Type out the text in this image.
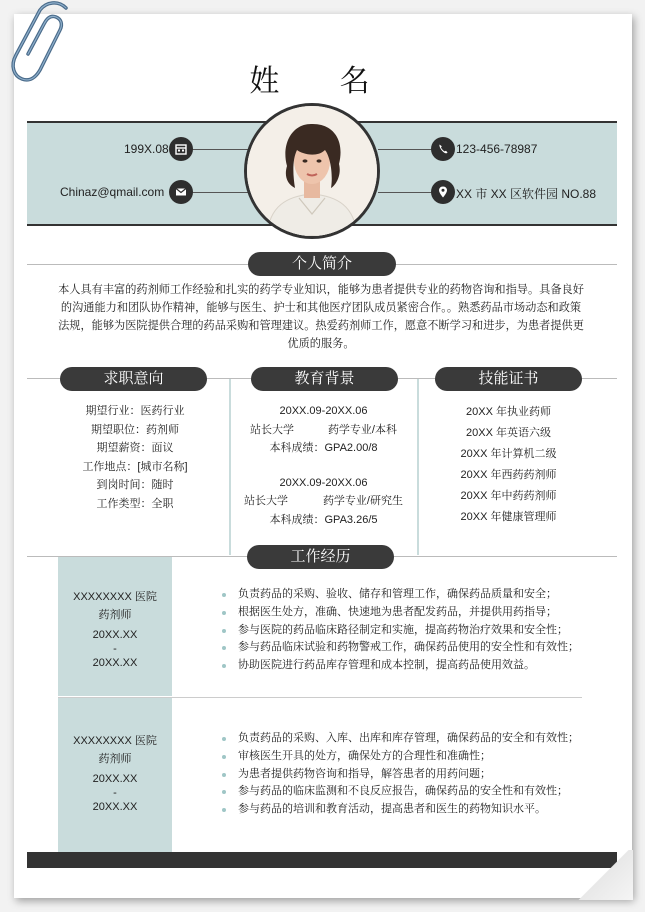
姓 名
199X.08
Chinaz@qmail.com
123-456-78987
XX 市 XX 区软件园 NO.88
个人简介
本人具有丰富的药剂师工作经验和扎实的药学专业知识，能够为患者提供专业的药物咨询和指导。具备良好的沟通能力和团队协作精神，能够与医生、护士和其他医疗团队成员紧密合作。。熟悉药品市场动态和政策法规，能够为医院提供合理的药品采购和管理建议。热爱药剂师工作，愿意不断学习和进步，为患者提供更优质的服务。
求职意向	教育背景	技能证书
期望行业：医药行业
期望职位：药剂师
期望薪资：面议
工作地点：[城市名称]
到岗时间：随时
工作类型：全职
20XX.09-20XX.06
站长大学	药学专业/本科
本科成绩：GPA2.00/8
20XX.09-20XX.06
站长大学	药学专业/研究生
本科成绩：GPA3.26/5
20XX 年执业药师
20XX 年英语六级
20XX 年计算机二级
20XX 年西药药剂师
20XX 年中药药剂师
20XX 年健康管理师
工作经历
XXXXXXXX 医院
药剂师
20XX.XX
-
20XX.XX
负责药品的采购、验收、储存和管理工作，确保药品质量和安全；
根据医生处方，准确、快速地为患者配发药品，并提供用药指导；
参与医院的药品临床路径制定和实施，提高药物治疗效果和安全性；
参与药品临床试验和药物警戒工作，确保药品使用的安全性和有效性；
协助医院进行药品库存管理和成本控制，提高药品使用效益。
XXXXXXXX 医院
药剂师
20XX.XX
-
20XX.XX
负责药品的采购、入库、出库和库存管理，确保药品的安全和有效性；
审核医生开具的处方，确保处方的合理性和准确性；
为患者提供药物咨询和指导，解答患者的用药问题；
参与药品的临床监测和不良反应报告，确保药品的安全性和有效性；
参与药品的培训和教育活动，提高患者和医生的药物知识水平。
